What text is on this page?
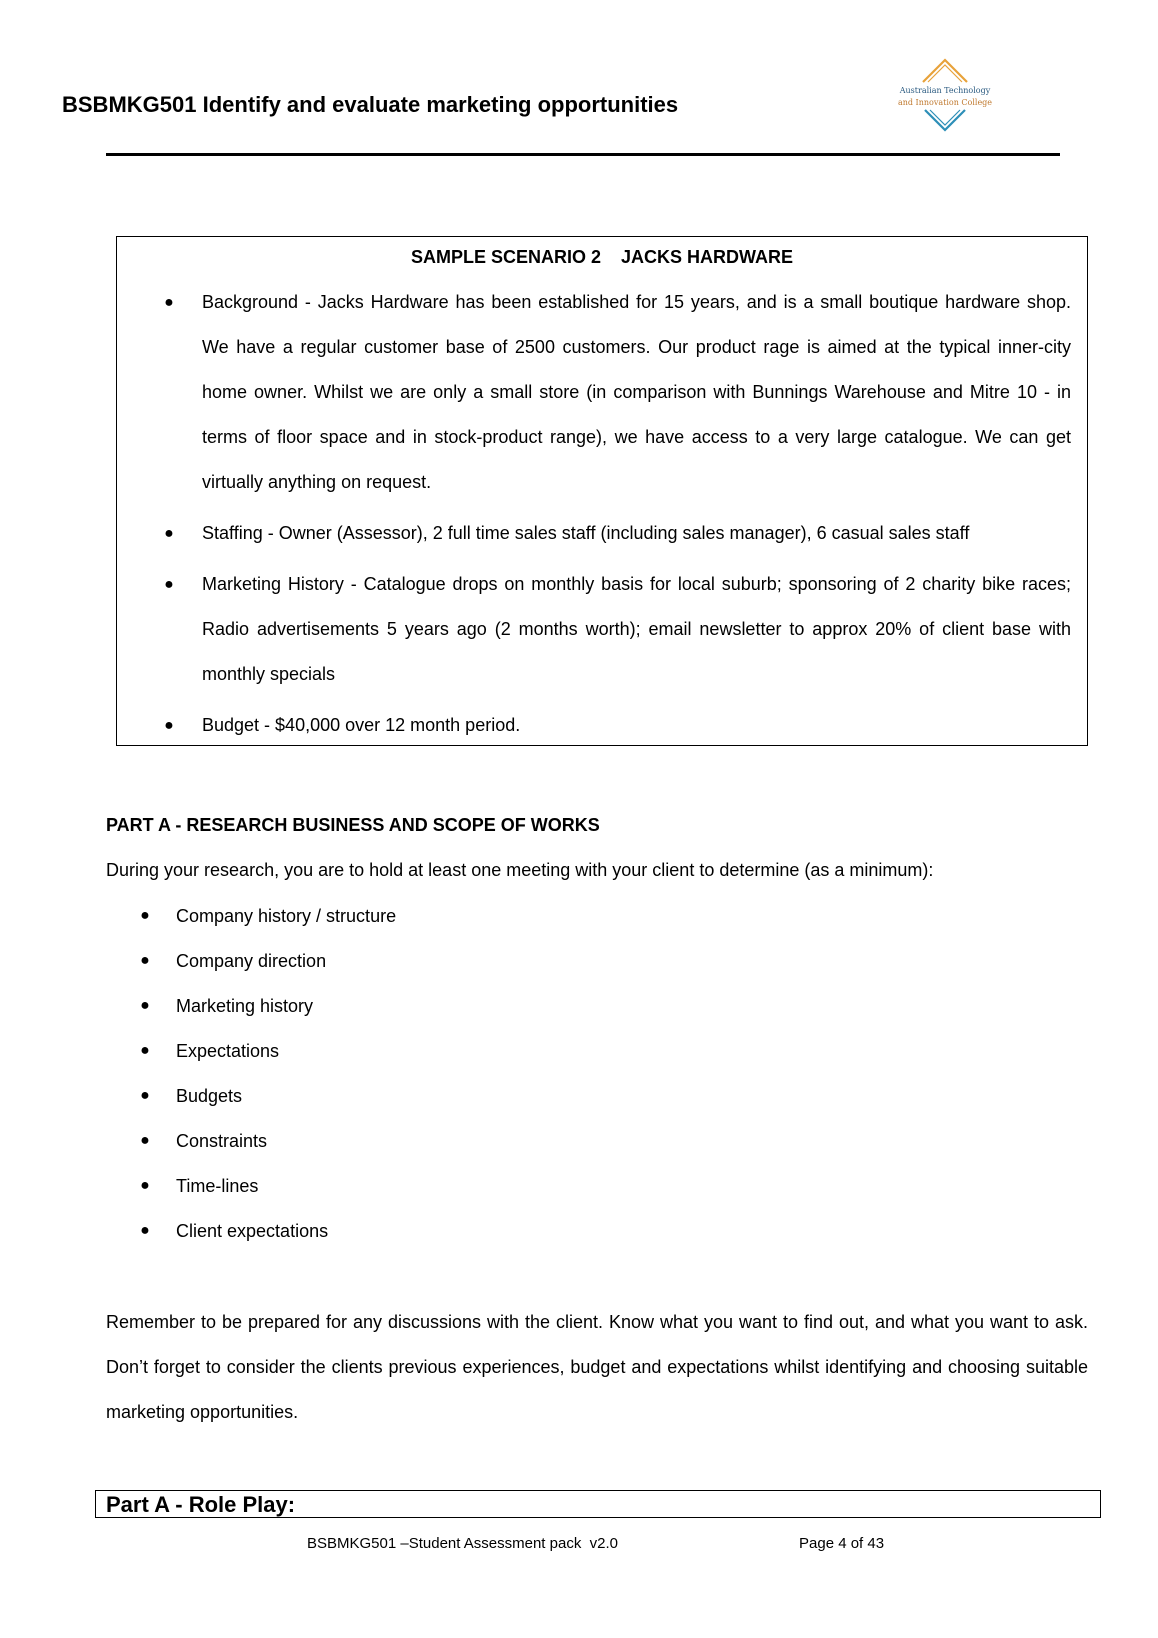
BSBMKG501 Identify and evaluate marketing opportunities
Australian Technology
and Innovation College
SAMPLE SCENARIO 2    JACKS HARDWARE
● Background - Jacks Hardware has been established for 15 years, and is a small boutique hardware shop. We have a regular customer base of 2500 customers. Our product rage is aimed at the typical inner-city home owner. Whilst we are only a small store (in comparison with Bunnings Warehouse and Mitre 10 - in terms of floor space and in stock-product range), we have access to a very large catalogue. We can get virtually anything on request.
● Staffing - Owner (Assessor), 2 full time sales staff (including sales manager), 6 casual sales staff
● Marketing History - Catalogue drops on monthly basis for local suburb; sponsoring of 2 charity bike races; Radio advertisements 5 years ago (2 months worth); email newsletter to approx 20% of client base with monthly specials
● Budget - $40,000 over 12 month period.
PART A - RESEARCH BUSINESS AND SCOPE OF WORKS
During your research, you are to hold at least one meeting with your client to determine (as a minimum):
● Company history / structure
● Company direction
● Marketing history
● Expectations
● Budgets
● Constraints
● Time-lines
● Client expectations
Remember to be prepared for any discussions with the client. Know what you want to find out, and what you want to ask. Don’t forget to consider the clients previous experiences, budget and expectations whilst identifying and choosing suitable marketing opportunities.
Part A - Role Play:
BSBMKG501 –Student Assessment pack  v2.0	Page 4 of 43
